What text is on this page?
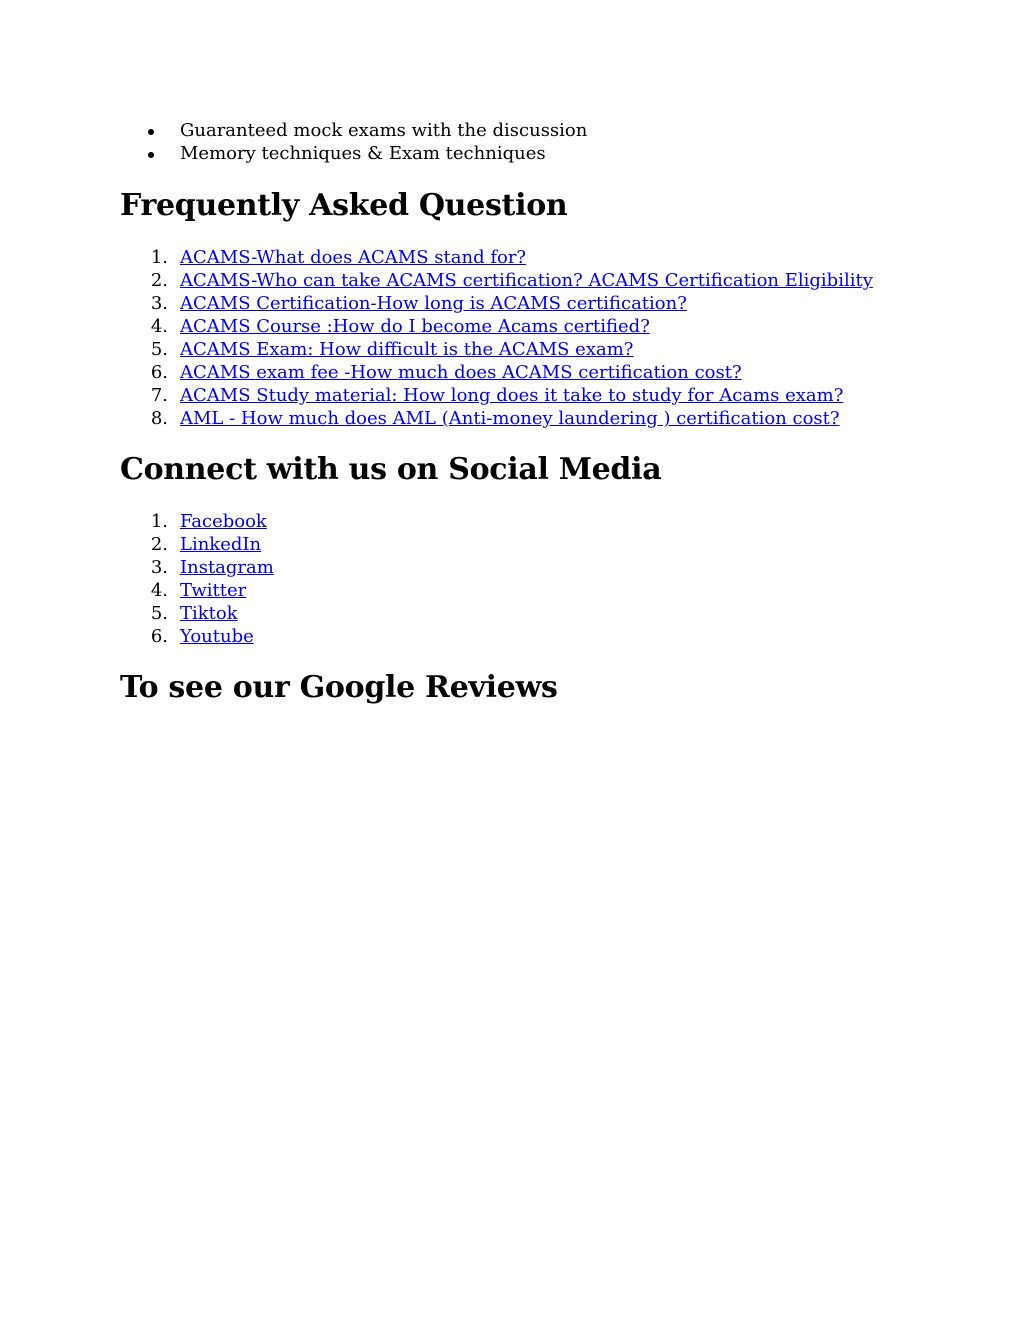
Guaranteed mock exams with the discussion
Memory techniques & Exam techniques
Frequently Asked Question
1. ACAMS-What does ACAMS stand for?
2. ACAMS-Who can take ACAMS certification? ACAMS Certification Eligibility
3. ACAMS Certification-How long is ACAMS certification?
4. ACAMS Course :How do I become Acams certified?
5. ACAMS Exam: How difficult is the ACAMS exam?
6. ACAMS exam fee -How much does ACAMS certification cost?
7. ACAMS Study material: How long does it take to study for Acams exam?
8. AML - How much does AML (Anti-money laundering ) certification cost?
Connect with us on Social Media
1. Facebook
2. LinkedIn
3. Instagram
4. Twitter
5. Tiktok
6. Youtube
To see our Google Reviews
